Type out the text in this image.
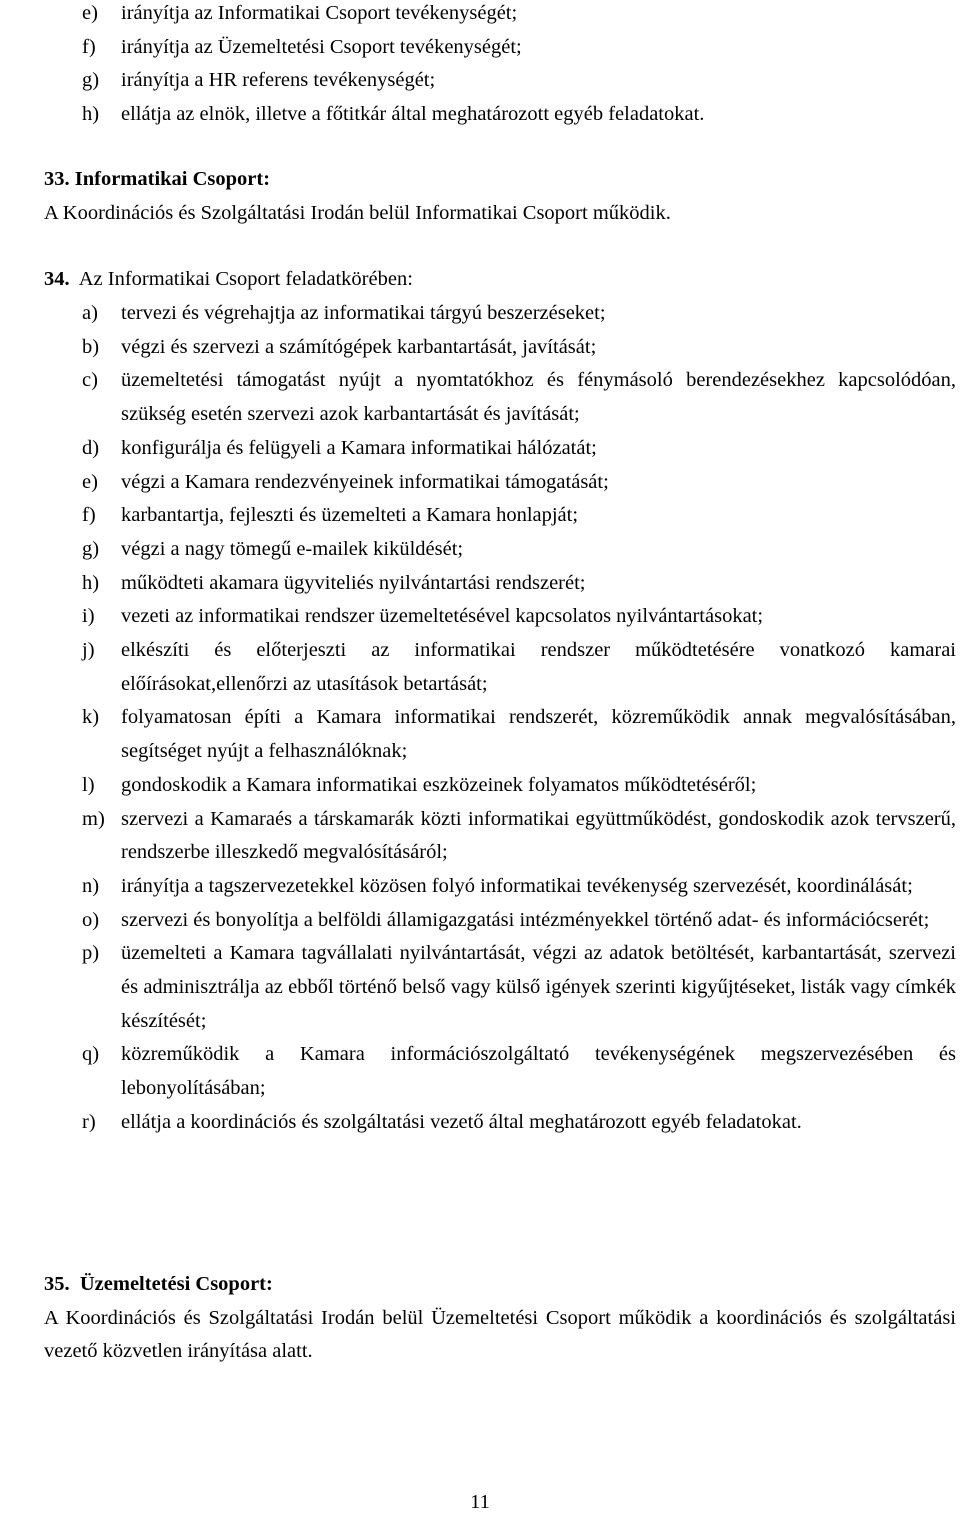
e)	irányítja az Informatikai Csoport tevékenységét;
f)	irányítja az Üzemeltetési Csoport tevékenységét;
g)	irányítja a HR referens tevékenységét;
h)	ellátja az elnök, illetve a főtitkár által meghatározott egyéb feladatokat.
33. Informatikai Csoport:
A Koordinációs és Szolgáltatási Irodán belül Informatikai Csoport működik.
34. Az Informatikai Csoport feladatkörében:
a)	tervezi és végrehajtja az informatikai tárgyú beszerzéseket;
b)	végzi és szervezi a számítógépek karbantartását, javítását;
c)	üzemeltetési támogatást nyújt a nyomtatókhoz és fénymásoló berendezésekhez kapcsolódóan, szükség esetén szervezi azok karbantartását és javítását;
d)	konfigurálja és felügyeli a Kamara informatikai hálózatát;
e)	végzi a Kamara rendezvényeinek informatikai támogatását;
f)	karbantartja, fejleszti és üzemelteti a Kamara honlapját;
g)	végzi a nagy tömegű e-mailek kiküldését;
h)	működteti akamara ügyviteliés nyilvántartási rendszerét;
i)	vezeti az informatikai rendszer üzemeltetésével kapcsolatos nyilvántartásokat;
j)	elkészíti és előterjeszti az informatikai rendszer működtetésére vonatkozó kamarai előírásokat,ellenőrzi az utasítások betartását;
k)	folyamatosan építi a Kamara informatikai rendszerét, közreműködik annak megvalósításában, segítséget nyújt a felhasználóknak;
l)	gondoskodik a Kamara informatikai eszközeinek folyamatos működtetéséről;
m) szervezi a Kamaraés a társkamarák közti informatikai együttműködést, gondoskodik azok tervszerű, rendszerbe illeszkedő megvalósításáról;
n)	irányítja a tagszervezetekkel közösen folyó informatikai tevékenység szervezését, koordinálását;
o)	szervezi és bonyolítja a belföldi államigazgatási intézményekkel történő adat- és információcserét;
p)	üzemelteti a Kamara tagvállalati nyilvántartását, végzi az adatok betöltését, karbantartását, szervezi és adminisztrálja az ebből történő belső vagy külső igények szerinti kigyűjtéseket, listák vagy címkék készítését;
q)	közreműködik a Kamara információszolgáltató tevékenységének megszervezésében és lebonyolításában;
r)	ellátja a koordinációs és szolgáltatási vezető által meghatározott egyéb feladatokat.
35. Üzemeltetési Csoport:
A Koordinációs és Szolgáltatási Irodán belül Üzemeltetési Csoport működik a koordinációs és szolgáltatási vezető közvetlen irányítása alatt.
11
